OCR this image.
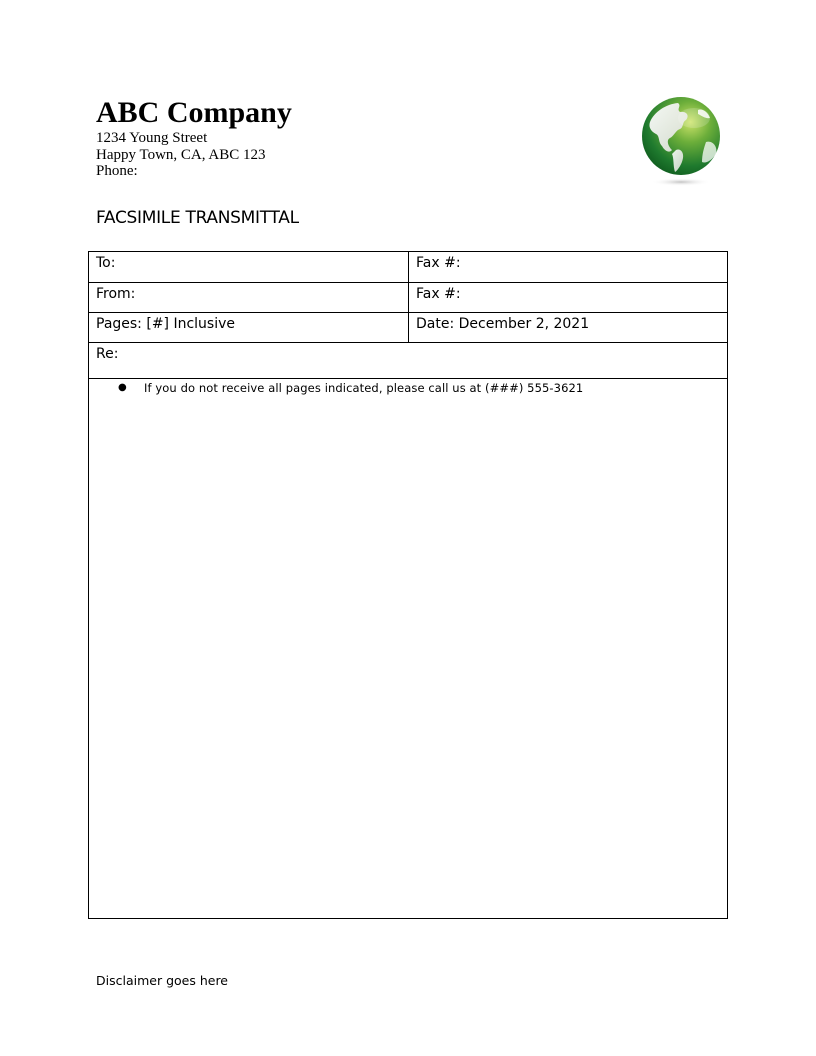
ABC Company
1234 Young Street
Happy Town, CA, ABC 123
Phone:
FACSIMILE TRANSMITTAL
To:	Fax #:
From:	Fax #:
Pages: [#] Inclusive	Date: December 2, 2021
Re:
● If you do not receive all pages indicated, please call us at (###) 555-3621
Disclaimer goes here
